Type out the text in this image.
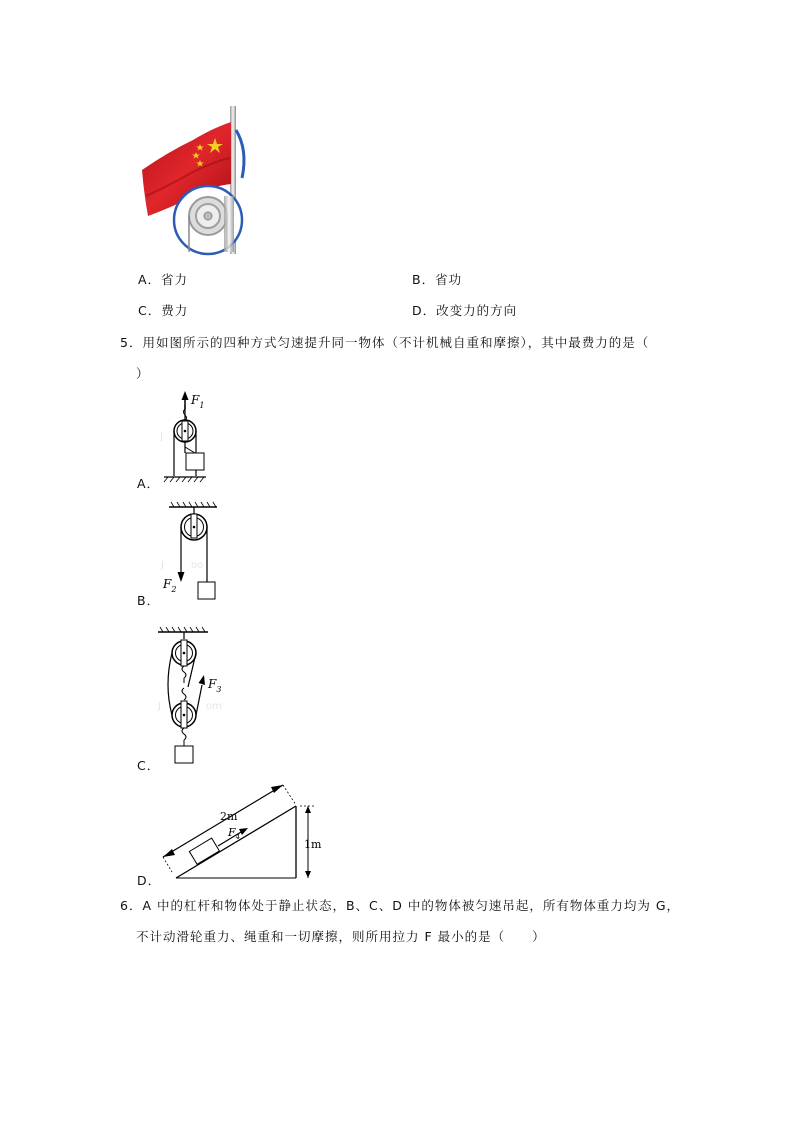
A．省力	B．省功
C．费力	D．改变力的方向
5．用如图所示的四种方式匀速提升同一物体（不计机械自重和摩擦），其中最费力的是（
）
J
$F_1$
A．
J	oo
$F_2$
B．
J	om
$F_3$
C．
2m
$F_4$
1m
D．
6．A 中的杠杆和物体处于静止状态，B、C、D 中的物体被匀速吊起，所有物体重力均为 G，
不计动滑轮重力、绳重和一切摩擦，则所用拉力 F 最小的是（　　）
